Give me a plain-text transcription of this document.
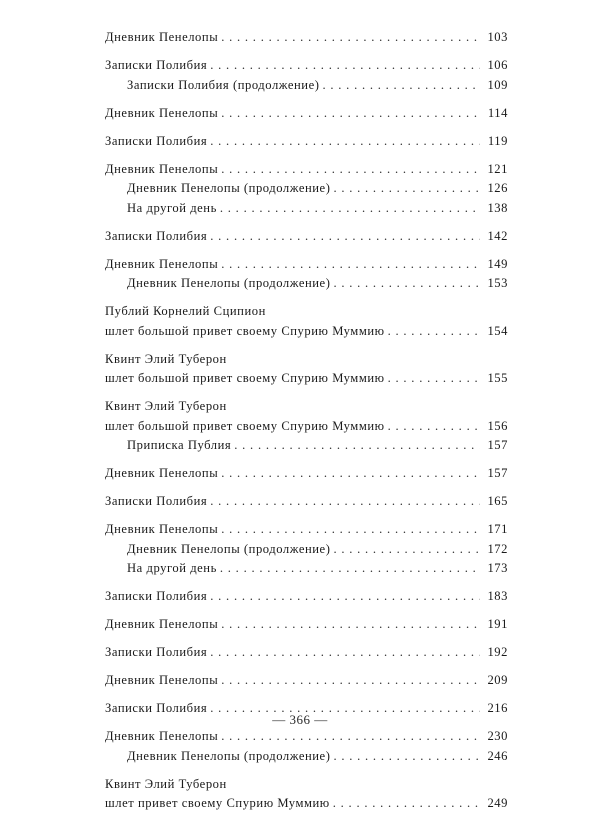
Дневник Пенелопы . . .	103
Записки Полибия . . .	106
Записки Полибия (продолжение) . . .	109
Дневник Пенелопы . . .	114
Записки Полибия . . .	119
Дневник Пенелопы . . .	121
Дневник Пенелопы (продолжение) . . .	126
На другой день . . .	138
Записки Полибия . . .	142
Дневник Пенелопы . . .	149
Дневник Пенелопы (продолжение) . . .	153
Публий Корнелий Сципион
шлет большой привет своему Спурию Муммию . . .	154
Квинт Элий Туберон
шлет большой привет своему Спурию Муммию . . .	155
Квинт Элий Туберон
шлет большой привет своему Спурию Муммию . . .	156
Приписка Публия . . .	157
Дневник Пенелопы . . .	157
Записки Полибия . . .	165
Дневник Пенелопы . . .	171
Дневник Пенелопы (продолжение) . . .	172
На другой день . . .	173
Записки Полибия . . .	183
Дневник Пенелопы . . .	191
Записки Полибия . . .	192
Дневник Пенелопы . . .	209
Записки Полибия . . .	216
Дневник Пенелопы . . .	230
Дневник Пенелопы (продолжение) . . .	246
Квинт Элий Туберон
шлет привет своему Спурию Муммию . . .	249
— 366 —
